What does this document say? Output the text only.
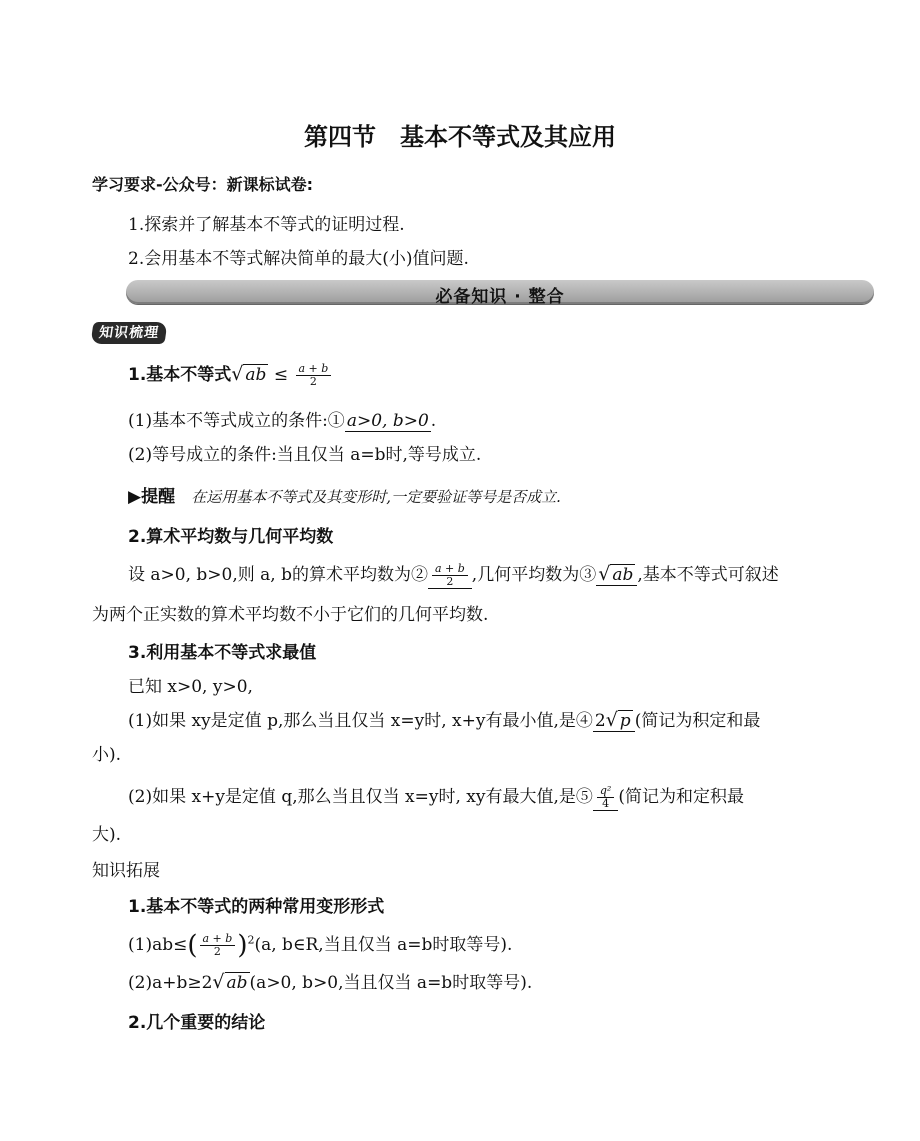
第四节　基本不等式及其应用
学习要求-公众号：新课标试卷:
1.探索并了解基本不等式的证明过程.
2.会用基本不等式解决简单的最大(小)值问题.
必备知识 · 整合
知识梳理
1.基本不等式√ ab ≤ $\frac{a + b}{2}$
(1)基本不等式成立的条件:① a>0, b>0 .
(2)等号成立的条件:当且仅当 a=b时,等号成立.
▶提醒 在运用基本不等式及其变形时,一定要验证等号是否成立.
2.算术平均数与几何平均数
设 a>0, b>0,则 a, b的算术平均数为② $\frac{a + b}{2}$ ,几何平均数为③ √ ab ,基本不等式可叙述
为两个正实数的算术平均数不小于它们的几何平均数.
3.利用基本不等式求最值
已知 x>0, y>0,
(1)如果 xy是定值 p,那么当且仅当 x=y时, x+y有最小值,是④ 2√ p (简记为积定和最
小).
(2)如果 x+y是定值 q,那么当且仅当 x=y时, xy有最大值,是⑤ $\frac{\text{q²}}{4}$ (简记为和定积最
大).
知识拓展
1.基本不等式的两种常用变形形式
$(1)ab\le( \frac{a + b}{2} )^2(a$, b∈R,当且仅当 a=b时取等号).
(2)a+b≥2√ ab (a>0, b>0,当且仅当 a=b时取等号).
2.几个重要的结论
